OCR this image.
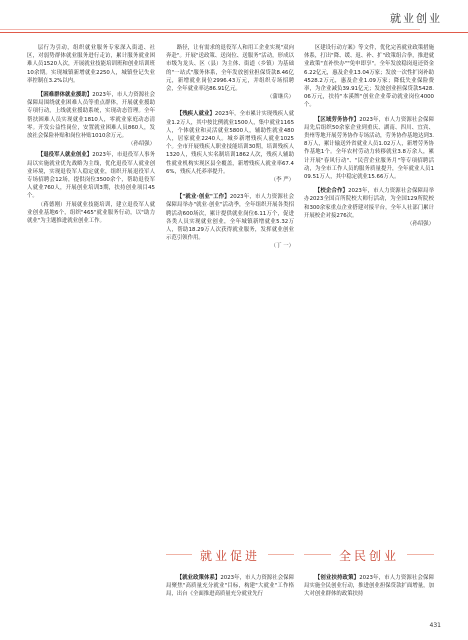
就业创业

层行为引动，组织就业服务专家深入街道、社区，对弱势群体就业服务进行走访，累计服务就业困难人员1520人次，开展就业技能培训班和创业培训班10余期。实现城镇新增就业2250人，城镇登记失业率控制在3.2%以内。

【困难群体就业援助】2023年，市人力资源社会保障局围绕就业困难人员等重点群体，开展就业援助专项行动，上线就业援助系统，实现动态管理。全年帮扶困难人员实现就业1810人，零就业家庭动态清零。开发公益性岗位，安置就业困难人员860人，发放社会保险补贴和岗位补贴1010余万元。

（孙绍强）

【退役军人就业创业】2023年，市退役军人事务局以实施就业优先战略为主线，优化退役军人就业创业环境，实现退役军人稳定就业，组织开展退役军人专场招聘会12场，提供岗位3500余个，帮助退役军人就业760人，开展创业培训3期，扶持创业项目45个。

（蒋德刚）开展就业技能培训，建立退役军人就业创业基地6个，组织"465"就业服务行动，以"助力就业"为主题推进就业创业工作。

路径，让有需求的退役军人和用工企业实现"双向奔赴"。开展"送政策、送岗位、送服务"活动，形成以市级为龙头、区（县）为主体、街道（乡镇）为基础的"一站式"服务体系，全年发放创业担保贷款8.46亿元，新增就业岗位2996.43万元，并组织专场招聘会，全年就业率达86.91亿元。

（蒲继兵）

【残疾人就业】2023年，全市累计实现残疾人就业1.2万人，其中按比例就业1500人，集中就业1165人，个体就业和灵活就业5800人，辅助性就业480人，居家就业2240人。城乡新增残疾人就业1025个。全市开展残疾人职业技能培训30期，培训残疾人1320人，残疾人实名制培训1862人次，残疾人辅助性就业机构实现区县全覆盖，新增残疾人就业率67.46%，残疾人托养率提升。

（李 严）

【"就业·创业"工作】2023年，市人力资源社会保障局举办"就业·创业"活动季，全年组织开展各类招聘活动600场次，累计提供就业岗位6.11万个，促进各类人员实现就业创业，全年城镇新增就业5.32万人，帮助18.29万人次获得就业服务，发挥就业创业示范引领作用。

（丁 一）

区建设行动方案》等文件，优化完善就业政策措施体系，打出"降、缓、返、补、扩"政策组合拳，推进就业政策"直补快办""免申即享"。全年发放稳岗返还资金6.22亿元，惠及企业13.04万家；发放一次性扩岗补助4528.2万元，惠及企业1.09万家；降低失业保险费率，为企业减负39.91亿元；发放创业担保贷款5428.06万元，扶持"本溪牌"创业企业带动就业岗位4000个。

【区域劳务协作】2023年，市人力资源社会保障局先后组织50余家企业到重庆、湖南、四川、宜宾、贵州等地开展劳务协作专场活动，劳务协作基地达到3.8万人，累计输送外省就业人员1.02万人，新增劳务协作基地1个。全年农村劳动力转移就业3.8万余人，累计开展"春风行动"、"民营企业服务月"等专项招聘活动，为全市工作人员的服务质量提升，全年就业人员109.51万人，其中稳定就业15.66万人。

【校企合作】2023年，市人力资源社会保障局举办2023全国百所院校大师行活动，为全国129所院校和300余家重点企业搭建对接平台，全年人社部门累计开展校企对接276次。

（孙绍强）

就业促进	全民创业

【就业政策体系】2023年，市人力资源社会保障局聚焦"高质量充分就业"目标，构建"大就业"工作格局，出台《全面推进高质量充分就业先行

【创业扶持政策】2023年，市人力资源社会保障局实施全民创业行动，推进创业担保贷款扩面增量，加大对创业群体的政策扶持

431
